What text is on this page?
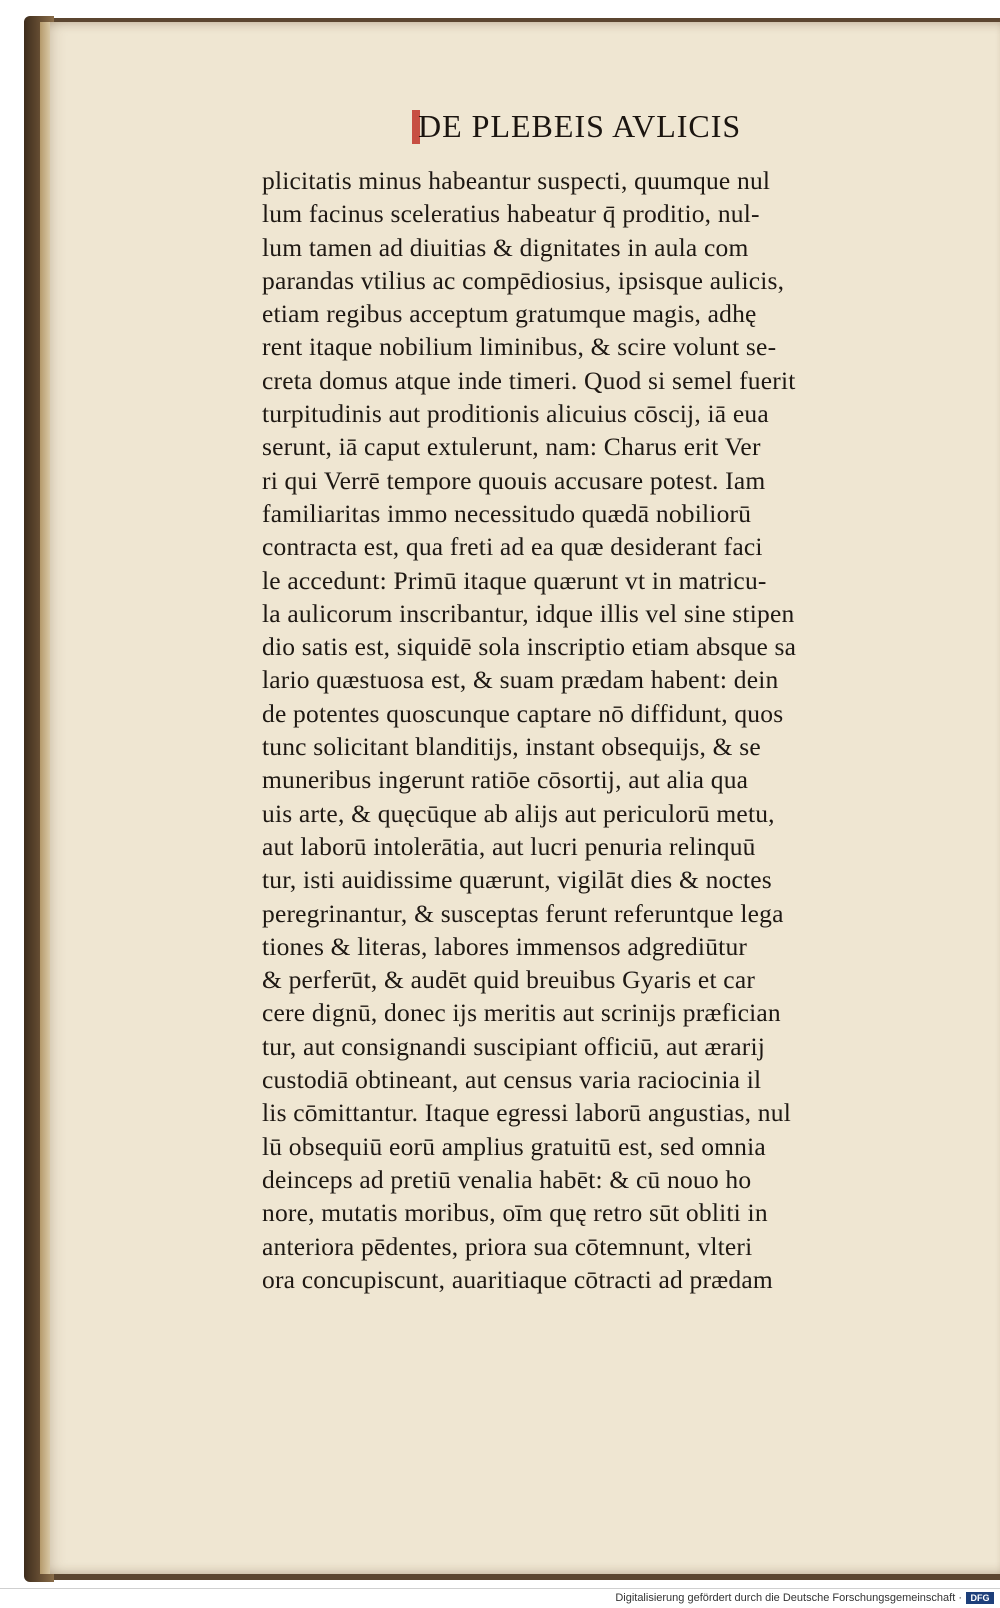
DE PLEBEIS AVLICIS
plicitatis minus habeantur suspecti, quumque nul
lum facinus sceleratius habeatur q̄ proditio, nul-
lum tamen ad diuitias & dignitates in aula com
parandas vtilius ac compēdiosius, ipsisque aulicis,
etiam regibus acceptum gratumque magis, adhę
rent itaque nobilium liminibus, & scire volunt se-
creta domus atque inde timeri. Quod si semel fuerit
turpitudinis aut proditionis alicuius cōscij, iā eua
serunt, iā caput extulerunt, nam: Charus erit Ver
ri qui Verrē tempore quouis accusare potest. Iam
familiaritas immo necessitudo quædā nobiliorū
contracta est, qua freti ad ea quæ desiderant faci
le accedunt: Primū itaque quærunt vt in matricu-
la aulicorum inscribantur, idque illis vel sine stipen
dio satis est, siquidē sola inscriptio etiam absque sa
lario quæstuosa est, & suam prædam habent: dein
de potentes quoscunque captare nō diffidunt, quos
tunc solicitant blanditijs, instant obsequijs, & se
muneribus ingerunt ratiōe cōsortij, aut alia qua
uis arte, & quęcūque ab alijs aut periculorū metu,
aut laborū intolerātia, aut lucri penuria relinquū
tur, isti auidissime quærunt, vigilāt dies & noctes
peregrinantur, & susceptas ferunt referuntque lega
tiones & literas, labores immensos adgrediūtur
& perferūt, & audēt quid breuibus Gyaris et car
cere dignū, donec ijs meritis aut scrinijs præfician
tur, aut consignandi suscipiant officiū, aut ærarij
custodiā obtineant, aut census varia raciocinia il
lis cōmittantur. Itaque egressi laborū angustias, nul
lū obsequiū eorū amplius gratuitū est, sed omnia
deinceps ad pretiū venalia habēt: & cū nouo ho
nore, mutatis moribus, oīm quę retro sūt obliti in
anteriora pēdentes, priora sua cōtemnunt, vlteri
ora concupiscunt, auaritiaque cōtracti ad prædam
Digitalisierung gefördert durch die Deutsche Forschungsgemeinschaft · DFG
